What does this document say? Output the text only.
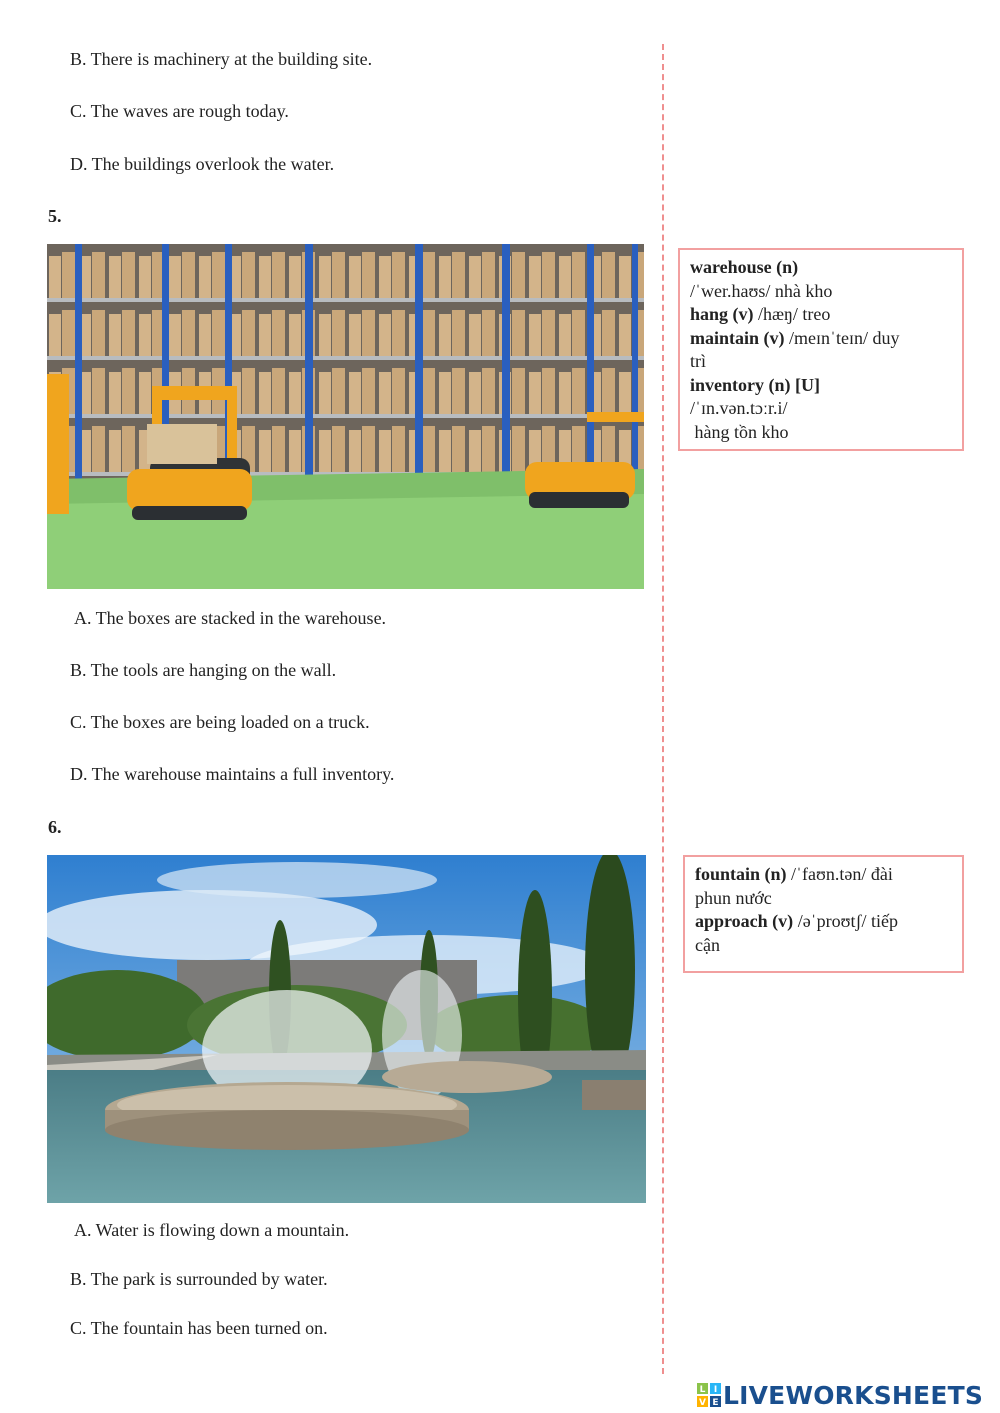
B. There is machinery at the building site.
C. The waves are rough today.
D. The buildings overlook the water.
5.
warehouse (n)
/ˈwer.haʊs/ nhà kho
hang (v) /hæŋ/ treo
maintain (v) /meɪnˈteɪn/ duy
trì
inventory (n) [U]
/ˈɪn.vən.tɔːr.i/
hàng tồn kho
A. The boxes are stacked in the warehouse.
B. The tools are hanging on the wall.
C. The boxes are being loaded on a truck.
D. The warehouse maintains a full inventory.
6.
fountain (n) /ˈfaʊn.tən/ đài
phun nước
approach (v) /əˈproʊtʃ/ tiếp
cận
A. Water is flowing down a mountain.
B. The park is surrounded by water.
C. The fountain has been turned on.
L I
V E LIVEWORKSHEETS
